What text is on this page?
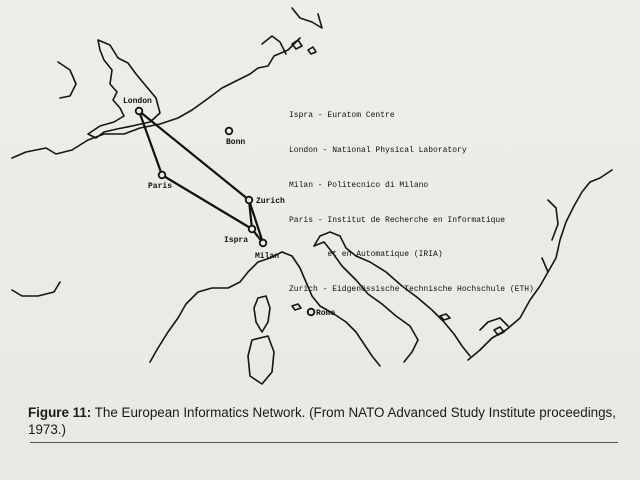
London
Bonn
Paris
Zurich
Ispra
Milan
Rome

Ispra - Euratom Centre

London - National Physical Laboratory

Milan - Politecnico di Milano

Paris - Institut de Recherche en Informatique

et en Automatique (IRIA)

Zurich - Eidgenössische Technische Hochschule (ETH)

Figure 11: The European Informatics Network. (From NATO Advanced Study Institute proceedings, 1973.)
